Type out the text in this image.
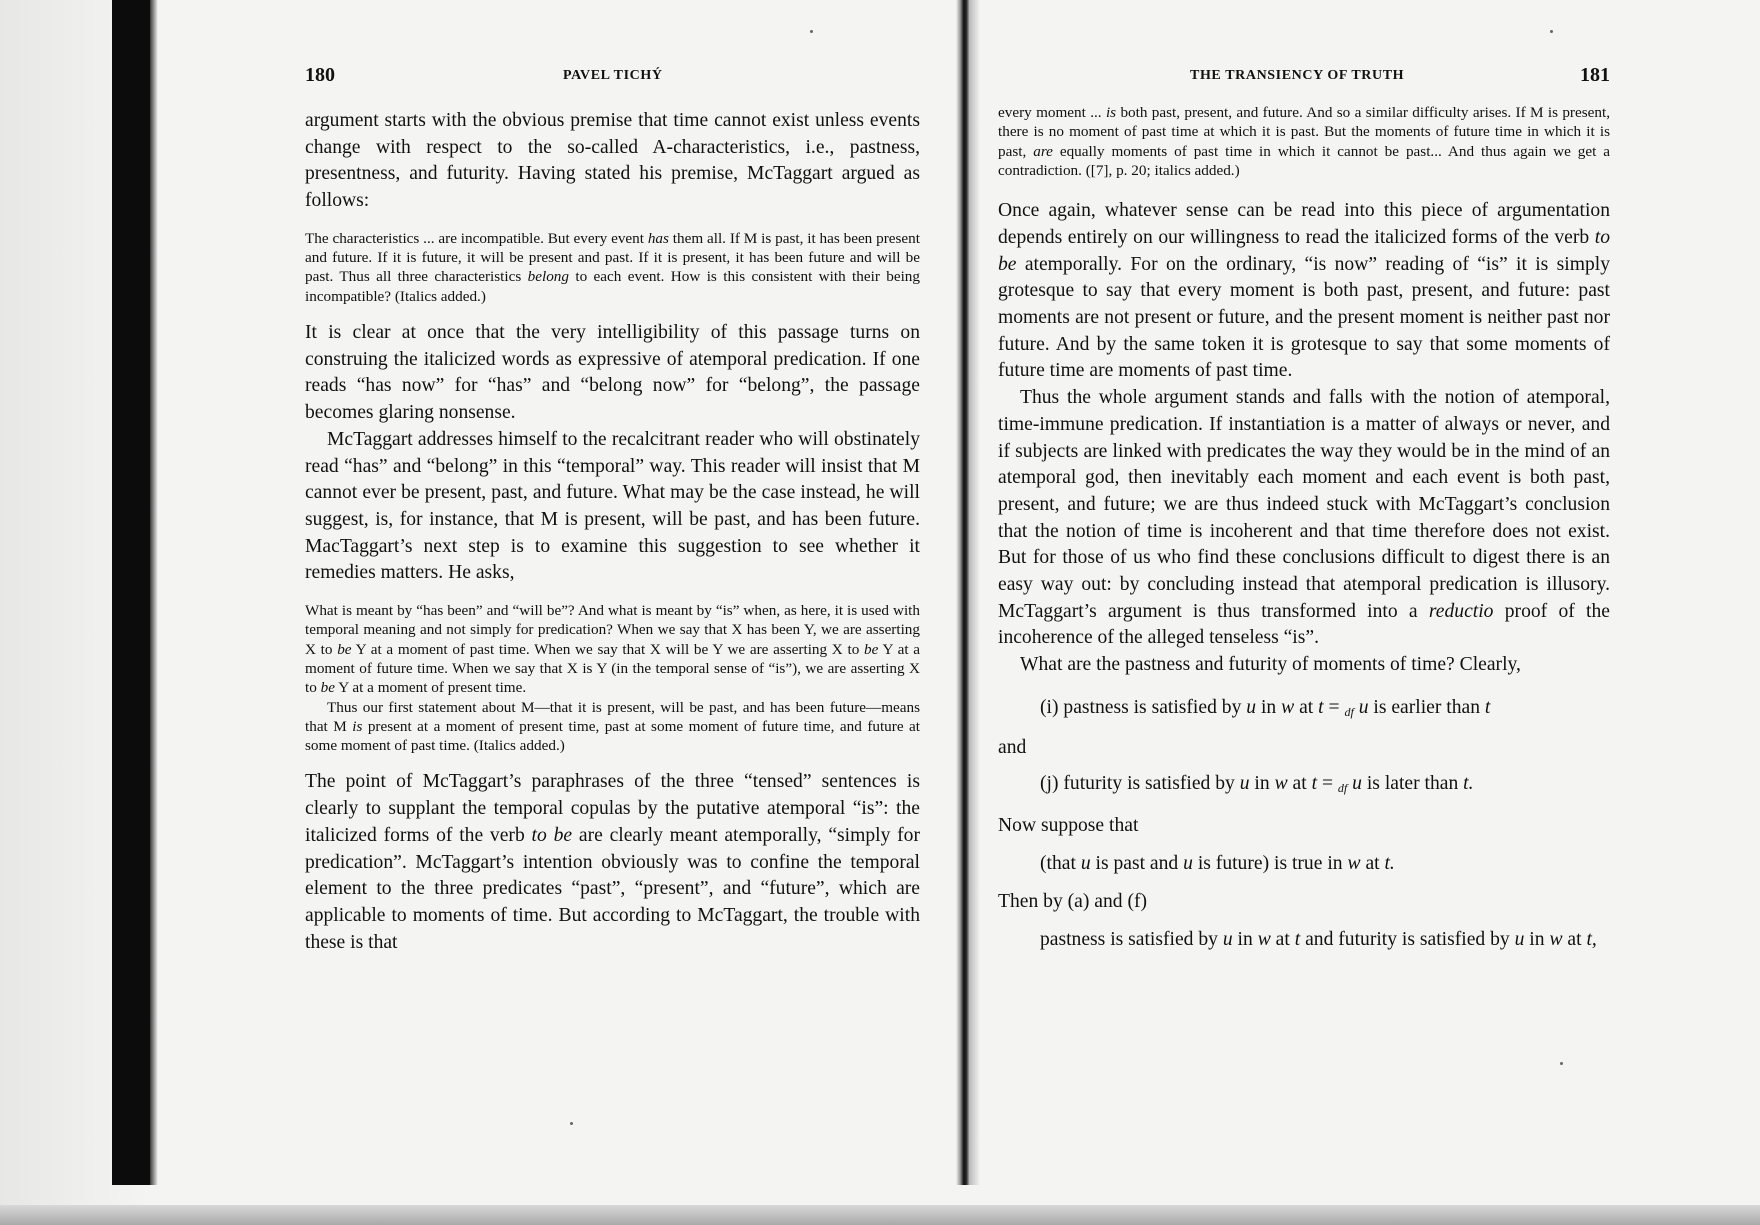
180	PAVEL TICHÝ

argument starts with the obvious premise that time cannot exist unless events change with respect to the so-called A-characteristics, i.e., pastness, presentness, and futurity. Having stated his premise, McTaggart argued as follows:

The characteristics ... are incompatible. But every event has them all. If M is past, it has been present and future. If it is future, it will be present and past. If it is present, it has been future and will be past. Thus all three characteristics belong to each event. How is this consistent with their being incompatible? (Italics added.)

It is clear at once that the very intelligibility of this passage turns on construing the italicized words as expressive of atemporal predication. If one reads “has now” for “has” and “belong now” for “belong”, the passage becomes glaring nonsense.

McTaggart addresses himself to the recalcitrant reader who will obstinately read “has” and “belong” in this “temporal” way. This reader will insist that M cannot ever be present, past, and future. What may be the case instead, he will suggest, is, for instance, that M is present, will be past, and has been future. MacTaggart’s next step is to examine this suggestion to see whether it remedies matters. He asks,

What is meant by “has been” and “will be”? And what is meant by “is” when, as here, it is used with temporal meaning and not simply for predication? When we say that X has been Y, we are asserting X to be Y at a moment of past time. When we say that X will be Y we are asserting X to be Y at a moment of future time. When we say that X is Y (in the temporal sense of “is”), we are asserting X to be Y at a moment of present time.

Thus our first statement about M—that it is present, will be past, and has been future—means that M is present at a moment of present time, past at some moment of future time, and future at some moment of past time. (Italics added.)

The point of McTaggart’s paraphrases of the three “tensed” sentences is clearly to supplant the temporal copulas by the putative atemporal “is”: the italicized forms of the verb to be are clearly meant atemporally, “simply for predication”. McTaggart’s intention obviously was to confine the temporal element to the three predicates “past”, “present”, and “future”, which are applicable to moments of time. But according to McTaggart, the trouble with these is that

THE TRANSIENCY OF TRUTH	181

every moment ... is both past, present, and future. And so a similar difficulty arises. If M is present, there is no moment of past time at which it is past. But the moments of future time in which it is past, are equally moments of past time in which it cannot be past... And thus again we get a contradiction. ([7], p. 20; italics added.)

Once again, whatever sense can be read into this piece of argumentation depends entirely on our willingness to read the italicized forms of the verb to be atemporally. For on the ordinary, “is now” reading of “is” it is simply grotesque to say that every moment is both past, present, and future: past moments are not present or future, and the present moment is neither past nor future. And by the same token it is grotesque to say that some moments of future time are moments of past time.

Thus the whole argument stands and falls with the notion of atemporal, time-immune predication. If instantiation is a matter of always or never, and if subjects are linked with predicates the way they would be in the mind of an atemporal god, then inevitably each moment and each event is both past, present, and future; we are thus indeed stuck with McTaggart’s conclusion that the notion of time is incoherent and that time therefore does not exist. But for those of us who find these conclusions difficult to digest there is an easy way out: by concluding instead that atemporal predication is illusory. McTaggart’s argument is thus transformed into a reductio proof of the incoherence of the alleged tenseless “is”.

What are the pastness and futurity of moments of time? Clearly,

(i) pastness is satisfied by u in w at t = $_{df}$ u is earlier than t

and

(j) futurity is satisfied by u in w at t = $_{df}$ u is later than t.

Now suppose that

(that u is past and u is future) is true in w at t.

Then by (a) and (f)

pastness is satisfied by u in w at t and futurity is satisfied by u in w at t,
